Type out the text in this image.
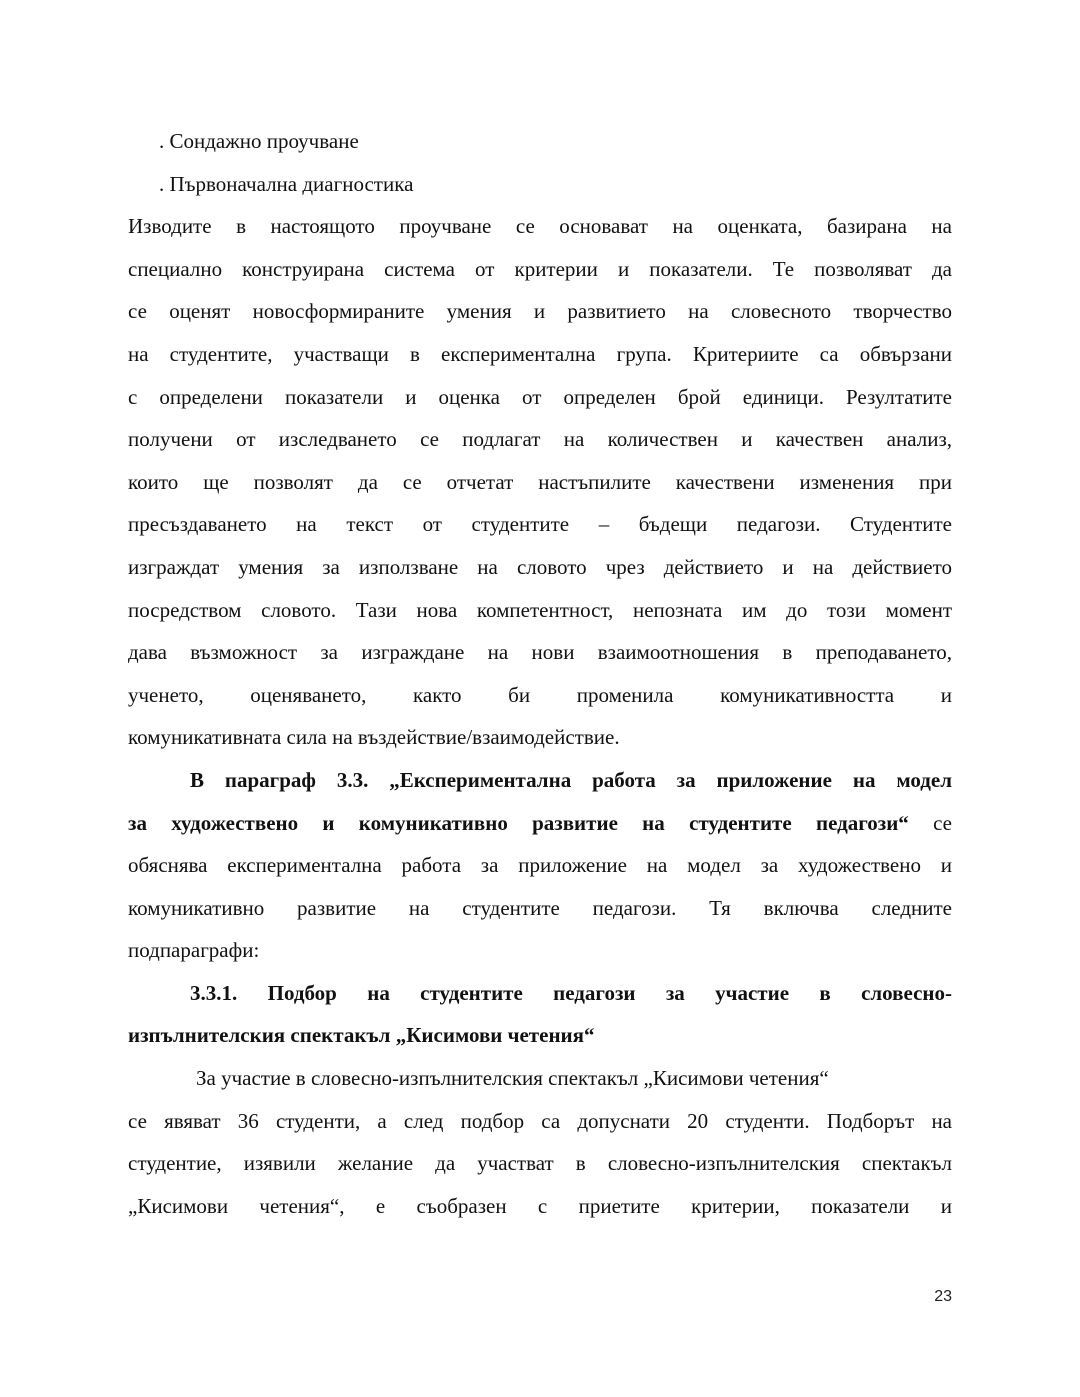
. Сондажно проучване

. Първоначална диагностика

Изводите в настоящото проучване се основават на оценката, базирана на

специално конструирана система от критерии и показатели. Те позволяват да

се оценят новосформираните умения и развитието на словесното творчество

на студентите, участващи в експериментална група. Критериите са обвързани

с определени показатели и оценка от определен брой единици. Резултатите

получени от изследването се подлагат на количествен и качествен анализ,

които ще позволят да се отчетат настъпилите качествени изменения при

пресъздаването на текст от студентите – бъдещи педагози. Студентите

изграждат умения за използване на словото чрез действието и на действието

посредством словото. Тази нова компетентност, непозната им до този момент

дава възможност за изграждане на нови взаимоотношения в преподаването,

ученето, оценяването, както би променила комуникативността и

комуникативната сила на въздействие/взаимодействие.

В параграф 3.3. „Експериментална работа за приложение на модел

за художествено и комуникативно развитие на студентите педагози“ се

обяснява експериментална работа за приложение на модел за художествено и

комуникативно развитие на студентите педагози. Тя включва следните

подпараграфи:

3.3.1. Подбор на студентите педагози за участие в словесно-

изпълнителския спектакъл „Кисимови четения“

За участие в словесно-изпълнителския спектакъл „Кисимови четения“

се явяват 36 студенти, а след подбор са допуснати 20 студенти. Подборът на

студентие, изявили желание да участват в словесно-изпълнителския спектакъл

„Кисимови четения“, е съобразен с приетите критерии, показатели и

23
